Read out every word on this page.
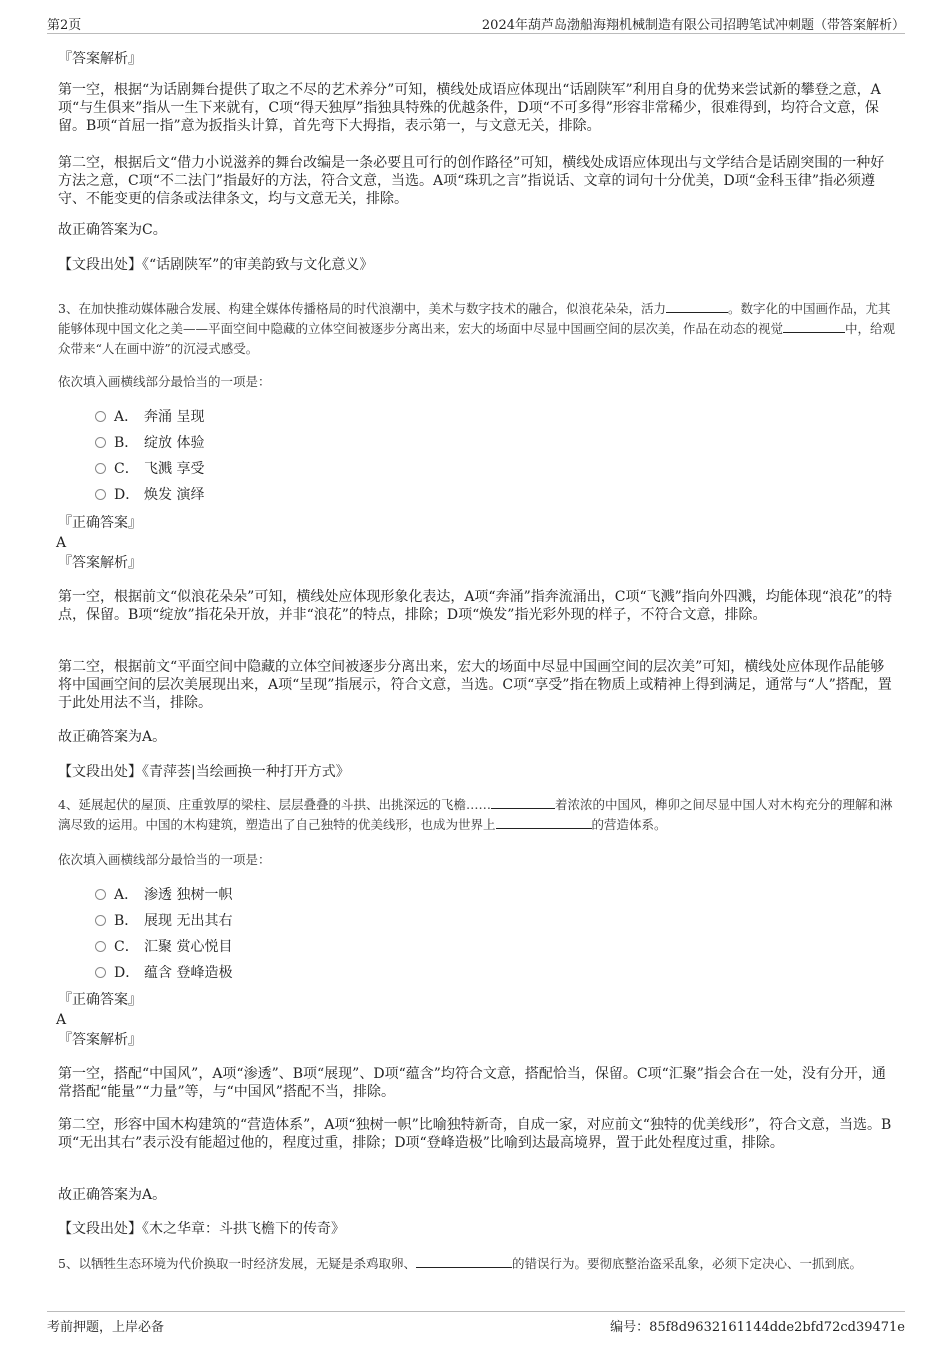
第2页	2024年葫芦岛渤船海翔机械制造有限公司招聘笔试冲刺题（带答案解析）
『答案解析』
第一空，根据“为话剧舞台提供了取之不尽的艺术养分”可知，横线处成语应体现出“话剧陕军”利用自身的优势来尝试新的攀登之意，A项“与生俱来”指从一生下来就有，C项“得天独厚”指独具特殊的优越条件，D项“不可多得”形容非常稀少，很难得到，均符合文意，保留。B项“首屈一指”意为扳指头计算，首先弯下大拇指，表示第一，与文意无关，排除。
第二空，根据后文“借力小说滋养的舞台改编是一条必要且可行的创作路径”可知，横线处成语应体现出与文学结合是话剧突围的一种好方法之意，C项“不二法门”指最好的方法，符合文意，当选。A项“珠玑之言”指说话、文章的词句十分优美，D项“金科玉律”指必须遵守、不能变更的信条或法律条文，均与文意无关，排除。
故正确答案为C。
【文段出处】《“话剧陕军”的审美韵致与文化意义》
3、在加快推动媒体融合发展、构建全媒体传播格局的时代浪潮中，美术与数字技术的融合，似浪花朵朵，活力	。数字化的中国画作品，尤其能够体现中国文化之美——平面空间中隐藏的立体空间被逐步分离出来，宏大的场面中尽显中国画空间的层次美，作品在动态的视觉	中，给观众带来“人在画中游”的沉浸式感受。
依次填入画横线部分最恰当的一项是：
A． 奔涌 呈现
B． 绽放 体验
C． 飞溅 享受
D． 焕发 演绎
『正确答案』
A
『答案解析』
第一空，根据前文“似浪花朵朵”可知，横线处应体现形象化表达，A项“奔涌”指奔流涌出，C项“飞溅”指向外四溅，均能体现“浪花”的特点，保留。B项“绽放”指花朵开放，并非“浪花”的特点，排除；D项“焕发”指光彩外现的样子，不符合文意，排除。
第二空，根据前文“平面空间中隐藏的立体空间被逐步分离出来，宏大的场面中尽显中国画空间的层次美”可知，横线处应体现作品能够将中国画空间的层次美展现出来，A项“呈现”指展示，符合文意，当选。C项“享受”指在物质上或精神上得到满足，通常与“人”搭配，置于此处用法不当，排除。
故正确答案为A。
【文段出处】《青萍荟|当绘画换一种打开方式》
4、延展起伏的屋顶、庄重敦厚的梁柱、层层叠叠的斗拱、出挑深远的飞檐……	着浓浓的中国风，榫卯之间尽显中国人对木构充分的理解和淋漓尽致的运用。中国的木构建筑，塑造出了自己独特的优美线形，也成为世界上	的营造体系。
依次填入画横线部分最恰当的一项是：
A． 渗透 独树一帜
B． 展现 无出其右
C． 汇聚 赏心悦目
D． 蕴含 登峰造极
『正确答案』
A
『答案解析』
第一空，搭配“中国风”，A项“渗透”、B项“展现”、D项“蕴含”均符合文意，搭配恰当，保留。C项“汇聚”指会合在一处，没有分开，通常搭配“能量”“力量”等，与“中国风”搭配不当，排除。
第二空，形容中国木构建筑的“营造体系”，A项“独树一帜”比喻独特新奇，自成一家，对应前文“独特的优美线形”，符合文意，当选。B项“无出其右”表示没有能超过他的，程度过重，排除；D项“登峰造极”比喻到达最高境界，置于此处程度过重，排除。
故正确答案为A。
【文段出处】《木之华章：斗拱飞檐下的传奇》
5、以牺牲生态环境为代价换取一时经济发展，无疑是杀鸡取卵、	的错误行为。要彻底整治盗采乱象，必须下定决心、一抓到底。
考前押题，上岸必备	编号：85f8d9632161144dde2bfd72cd39471e
